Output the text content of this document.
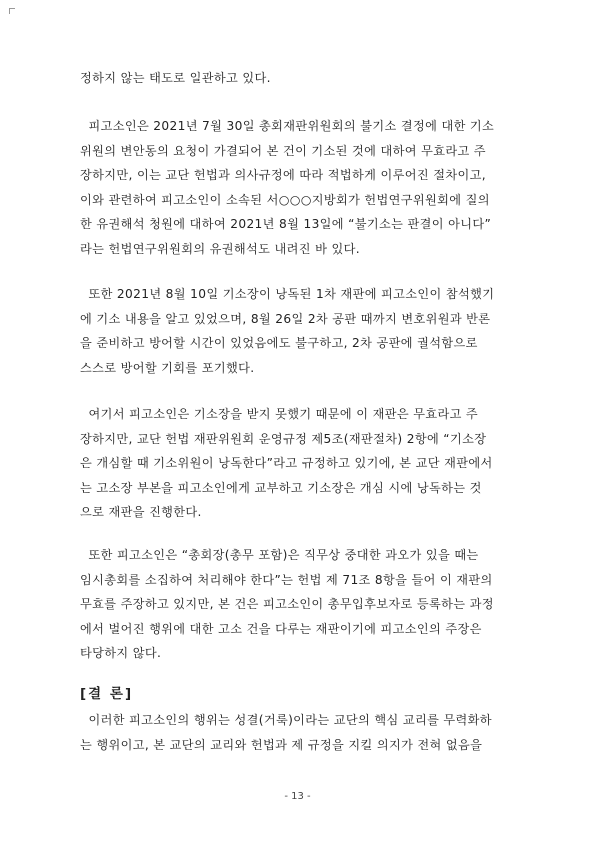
정하지 않는 태도로 일관하고 있다.
피고소인은 2021년 7월 30일 총회재판위원회의 불기소 결정에 대한 기소
위원의 변안동의 요청이 가결되어 본 건이 기소된 것에 대하여 무효라고 주
장하지만, 이는 교단 헌법과 의사규정에 따라 적법하게 이루어진 절차이고,
이와 관련하여 피고소인이 소속된 서○○○지방회가 헌법연구위원회에 질의
한 유권해석 청원에 대하여 2021년 8월 13일에 “불기소는 판결이 아니다”
라는 헌법연구위원회의 유권해석도 내려진 바 있다.
또한 2021년 8월 10일 기소장이 낭독된 1차 재판에 피고소인이 참석했기
에 기소 내용을 알고 있었으며, 8월 26일 2차 공판 때까지 변호위원과 반론
을 준비하고 방어할 시간이 있었음에도 불구하고, 2차 공판에 궐석함으로
스스로 방어할 기회를 포기했다.
여기서 피고소인은 기소장을 받지 못했기 때문에 이 재판은 무효라고 주
장하지만, 교단 헌법 재판위원회 운영규정 제5조(재판절차) 2항에 “기소장
은 개심할 때 기소위원이 낭독한다”라고 규정하고 있기에, 본 교단 재판에서
는 고소장 부본을 피고소인에게 교부하고 기소장은 개심 시에 낭독하는 것
으로 재판을 진행한다.
또한 피고소인은 “총회장(총무 포함)은 직무상 중대한 과오가 있을 때는
임시총회를 소집하여 처리해야 한다”는 헌법 제 71조 8항을 들어 이 재판의
무효를 주장하고 있지만, 본 건은 피고소인이 총무입후보자로 등록하는 과정
에서 벌어진 행위에 대한 고소 건을 다루는 재판이기에 피고소인의 주장은
타당하지 않다.

[결 론]

이러한 피고소인의 행위는 성결(거룩)이라는 교단의 핵심 교리를 무력화하
는 행위이고, 본 교단의 교리와 헌법과 제 규정을 지킬 의지가 전혀 없음을

- 13 -
